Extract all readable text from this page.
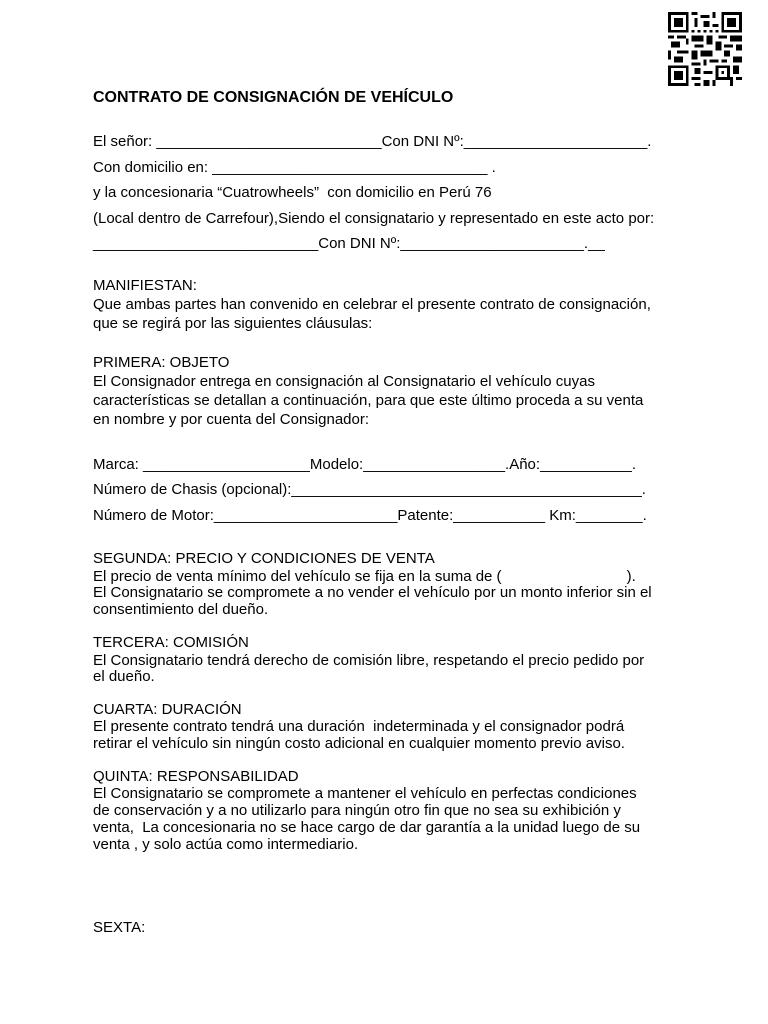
CONTRATO DE CONSIGNACIÓN DE VEHÍCULO
El señor: ___________________________Con DNI Nº:______________________.
Con domicilio en: _________________________________ .
y la concesionaria “Cuatrowheels”  con domicilio en Perú 76
(Local dentro de Carrefour),Siendo el consignatario y representado en este acto por:
___________________________Con DNI Nº:______________________.__
MANIFIESTAN:
Que ambas partes han convenido en celebrar el presente contrato de consignación,
que se regirá por las siguientes cláusulas:
PRIMERA: OBJETO
El Consignador entrega en consignación al Consignatario el vehículo cuyas
características se detallan a continuación, para que este último proceda a su venta
en nombre y por cuenta del Consignador:
Marca: ____________________Modelo:_________________.Año:___________.
Número de Chasis (opcional):__________________________________________.
Número de Motor:______________________Patente:___________ Km:________.
SEGUNDA: PRECIO Y CONDICIONES DE VENTA
El precio de venta mínimo del vehículo se fija en la suma de (                              ).
El Consignatario se compromete a no vender el vehículo por un monto inferior sin el
consentimiento del dueño.
TERCERA: COMISIÓN
El Consignatario tendrá derecho de comisión libre, respetando el precio pedido por
el dueño.
CUARTA: DURACIÓN
El presente contrato tendrá una duración  indeterminada y el consignador podrá
retirar el vehículo sin ningún costo adicional en cualquier momento previo aviso.
QUINTA: RESPONSABILIDAD
El Consignatario se compromete a mantener el vehículo en perfectas condiciones
de conservación y a no utilizarlo para ningún otro fin que no sea su exhibición y
venta,  La concesionaria no se hace cargo de dar garantía a la unidad luego de su
venta , y solo actúa como intermediario.
SEXTA:
